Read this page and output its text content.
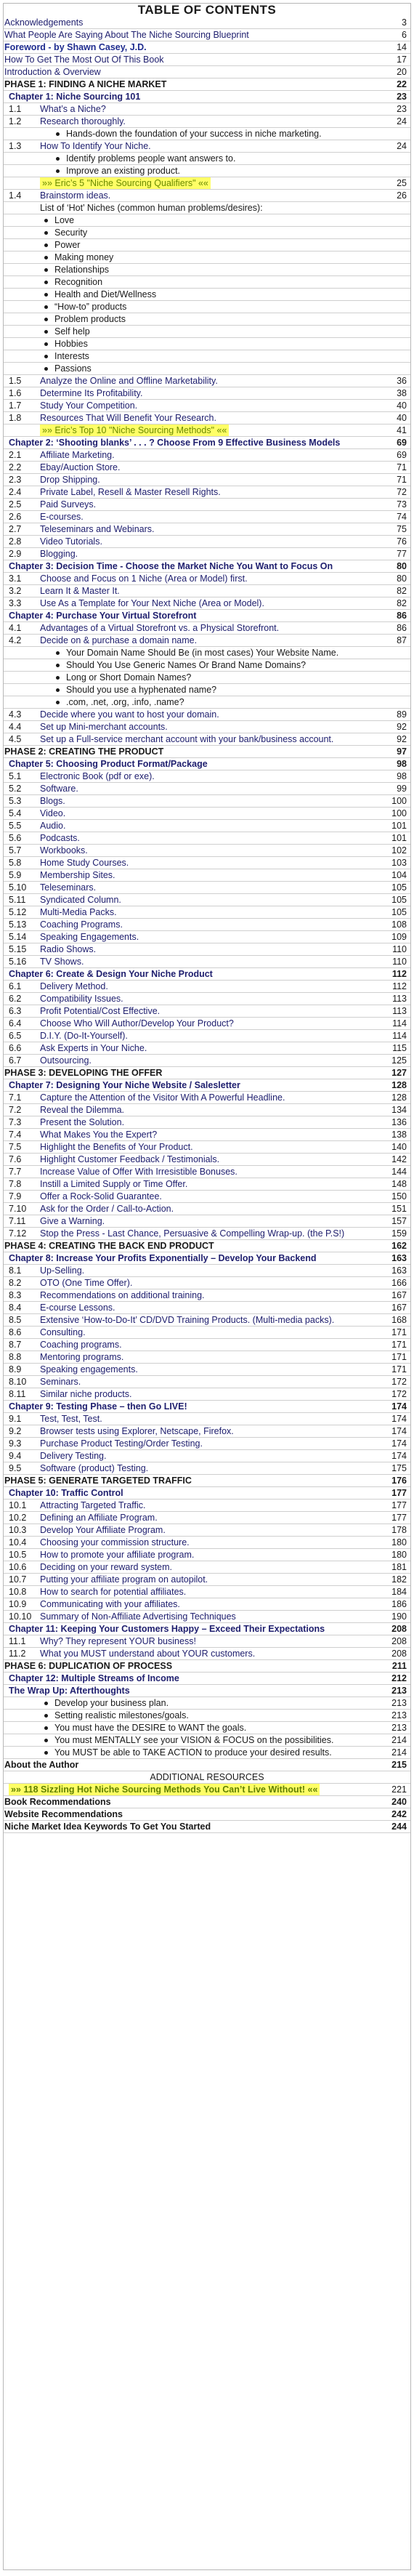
TABLE OF CONTENTS
Acknowledgements	3
What People Are Saying About The Niche Sourcing Blueprint	6
Foreword - by Shawn Casey, J.D.	14
How To Get The Most Out Of This Book	17
Introduction & Overview	20
PHASE 1: FINDING A NICHE MARKET	22
Chapter 1: Niche Sourcing 101	23
1.1 What’s a Niche?	23
1.2 Research thoroughly.	24
Hands-down the foundation of your success in niche marketing.
1.3 How To Identify Your Niche.	24
Identify problems people want answers to.
Improve an existing product.
»» Eric’s 5 "Niche Sourcing Qualifiers" ««	25
1.4 Brainstorm ideas.	26
List of ‘Hot’ Niches (common human problems/desires):
Love
Security
Power
Making money
Relationships
Recognition
Health and Diet/Wellness
“How-to” products
Problem products
Self help
Hobbies
Interests
Passions
1.5 Analyze the Online and Offline Marketability.	36
1.6 Determine Its Profitability.	38
1.7 Study Your Competition.	40
1.8 Resources That Will Benefit Your Research.	40
»» Eric’s Top 10 "Niche Sourcing Methods" ««	41
Chapter 2: ‘Shooting blanks’ . . . ? Choose From 9 Effective Business Models	69
2.1 Affiliate Marketing.	69
2.2 Ebay/Auction Store.	71
2.3 Drop Shipping.	71
2.4 Private Label, Resell & Master Resell Rights.	72
2.5 Paid Surveys.	73
2.6 E-courses.	74
2.7 Teleseminars and Webinars.	75
2.8 Video Tutorials.	76
2.9 Blogging.	77
Chapter 3: Decision Time - Choose the Market Niche You Want to Focus On	80
3.1 Choose and Focus on 1 Niche (Area or Model) first.	80
3.2 Learn It & Master It.	82
3.3 Use As a Template for Your Next Niche (Area or Model).	82
Chapter 4: Purchase Your Virtual Storefront	86
4.1 Advantages of a Virtual Storefront vs. a Physical Storefront.	86
4.2 Decide on & purchase a domain name.	87
Your Domain Name Should Be (in most cases) Your Website Name.
Should You Use Generic Names Or Brand Name Domains?
Long or Short Domain Names?
Should you use a hyphenated name?
.com, .net, .org, .info, .name?
4.3 Decide where you want to host your domain.	89
4.4 Set up Mini-merchant accounts.	92
4.5 Set up a Full-service merchant account with your bank/business account.	92
PHASE 2: CREATING THE PRODUCT	97
Chapter 5: Choosing Product Format/Package	98
5.1 Electronic Book (pdf or exe).	98
5.2 Software.	99
5.3 Blogs.	100
5.4 Video.	100
5.5 Audio.	101
5.6 Podcasts.	101
5.7 Workbooks.	102
5.8 Home Study Courses.	103
5.9 Membership Sites.	104
5.10 Teleseminars.	105
5.11 Syndicated Column.	105
5.12 Multi-Media Packs.	105
5.13 Coaching Programs.	108
5.14 Speaking Engagements.	109
5.15 Radio Shows.	110
5.16 TV Shows.	110
Chapter 6: Create & Design Your Niche Product	112
6.1 Delivery Method.	112
6.2 Compatibility Issues.	113
6.3 Profit Potential/Cost Effective.	113
6.4 Choose Who Will Author/Develop Your Product?	114
6.5 D.I.Y. (Do-It-Yourself).	114
6.6 Ask Experts in Your Niche.	115
6.7 Outsourcing.	125
PHASE 3: DEVELOPING THE OFFER	127
Chapter 7: Designing Your Niche Website / Salesletter	128
7.1 Capture the Attention of the Visitor With A Powerful Headline.	128
7.2 Reveal the Dilemma.	134
7.3 Present the Solution.	136
7.4 What Makes You the Expert?	138
7.5 Highlight the Benefits of Your Product.	140
7.6 Highlight Customer Feedback / Testimonials.	142
7.7 Increase Value of Offer With Irresistible Bonuses.	144
7.8 Instill a Limited Supply or Time Offer.	148
7.9 Offer a Rock-Solid Guarantee.	150
7.10 Ask for the Order / Call-to-Action.	151
7.11 Give a Warning.	157
7.12 Stop the Press - Last Chance, Persuasive & Compelling Wrap-up. (the P.S!)	159
PHASE 4: CREATING THE BACK END PRODUCT	162
Chapter 8: Increase Your Profits Exponentially – Develop Your Backend	163
8.1 Up-Selling.	163
8.2 OTO (One Time Offer).	166
8.3 Recommendations on additional training.	167
8.4 E-course Lessons.	167
8.5 Extensive ‘How-to-Do-It’ CD/DVD Training Products. (Multi-media packs).	168
8.6 Consulting.	171
8.7 Coaching programs.	171
8.8 Mentoring programs.	171
8.9 Speaking engagements.	171
8.10 Seminars.	172
8.11 Similar niche products.	172
Chapter 9: Testing Phase – then Go LIVE!	174
9.1 Test, Test, Test.	174
9.2 Browser tests using Explorer, Netscape, Firefox.	174
9.3 Purchase Product Testing/Order Testing.	174
9.4 Delivery Testing.	174
9.5 Software (product) Testing.	175
PHASE 5: GENERATE TARGETED TRAFFIC	176
Chapter 10: Traffic Control	177
10.1 Attracting Targeted Traffic.	177
10.2 Defining an Affiliate Program.	177
10.3 Develop Your Affiliate Program.	178
10.4 Choosing your commission structure.	180
10.5 How to promote your affiliate program.	180
10.6 Deciding on your reward system.	181
10.7 Putting your affiliate program on autopilot.	182
10.8 How to search for potential affiliates.	184
10.9 Communicating with your affiliates.	186
10.10 Summary of Non-Affiliate Advertising Techniques	190
Chapter 11: Keeping Your Customers Happy – Exceed Their Expectations	208
11.1 Why? They represent YOUR business!	208
11.2 What you MUST understand about YOUR customers.	208
PHASE 6: DUPLICATION OF PROCESS	211
Chapter 12: Multiple Streams of Income	212
The Wrap Up: Afterthoughts	213
Develop your business plan.	213
Setting realistic milestones/goals.	213
You must have the DESIRE to WANT the goals.	213
You must MENTALLY see your VISION & FOCUS on the possibilities.	214
You MUST be able to TAKE ACTION to produce your desired results.	214
About the Author	215
ADDITIONAL RESOURCES
»» 118 Sizzling Hot Niche Sourcing Methods You Can’t Live Without! ««	221
Book Recommendations	240
Website Recommendations	242
Niche Market Idea Keywords To Get You Started	244
